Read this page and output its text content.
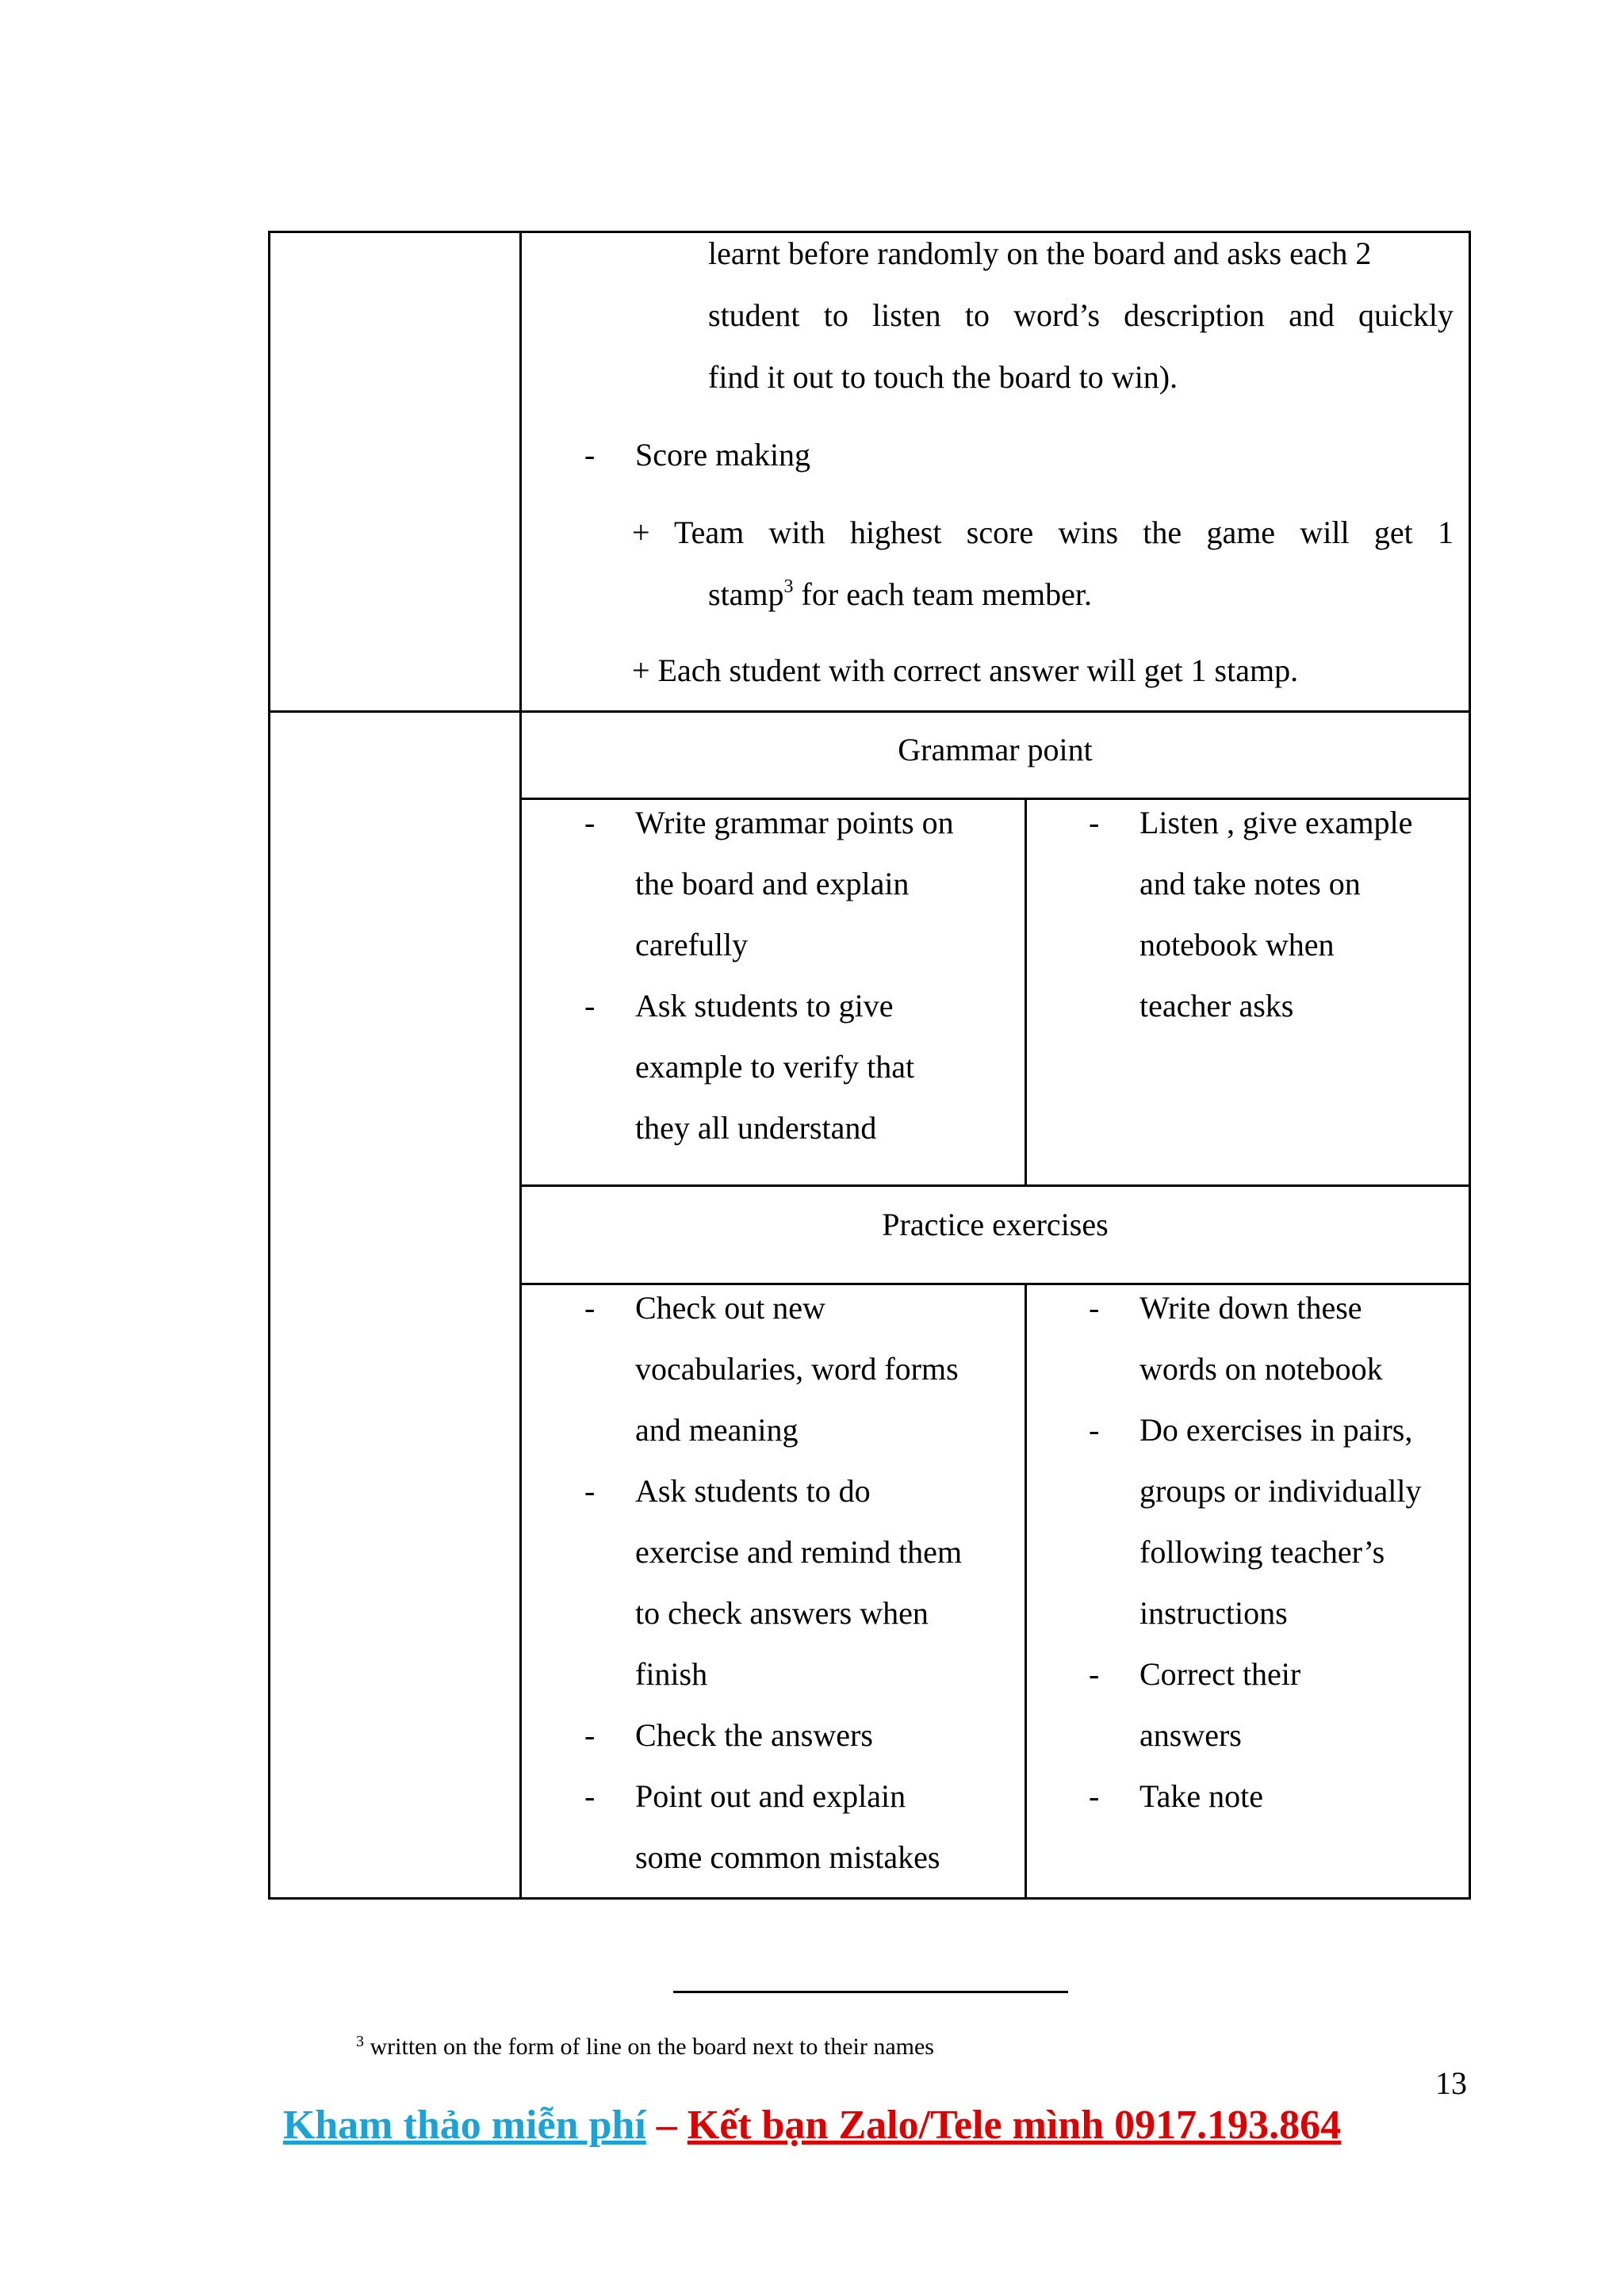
learnt before randomly on the board and asks each 2
student to listen to word’s description and quickly
find it out to touch the board to win).
- Score making
+ Team with highest score wins the game will get 1
stamp$^3$ for each team member.
+ Each student with correct answer will get 1 stamp.
Grammar point
- Write grammar points on
the board and explain
carefully
- Ask students to give
example to verify that
they all understand
- Listen , give example
and take notes on
notebook when
teacher asks
Practice exercises
- Check out new
vocabularies, word forms
and meaning
- Ask students to do
exercise and remind them
to check answers when
finish
- Check the answers
- Point out and explain
some common mistakes
- Write down these
words on notebook
- Do exercises in pairs,
groups or individually
following teacher’s
instructions
- Correct their
answers
- Take note
$^3$ written on the form of line on the board next to their names
13
Kham thảo miễn phí – Kết bạn Zalo/Tele mình 0917.193.864
